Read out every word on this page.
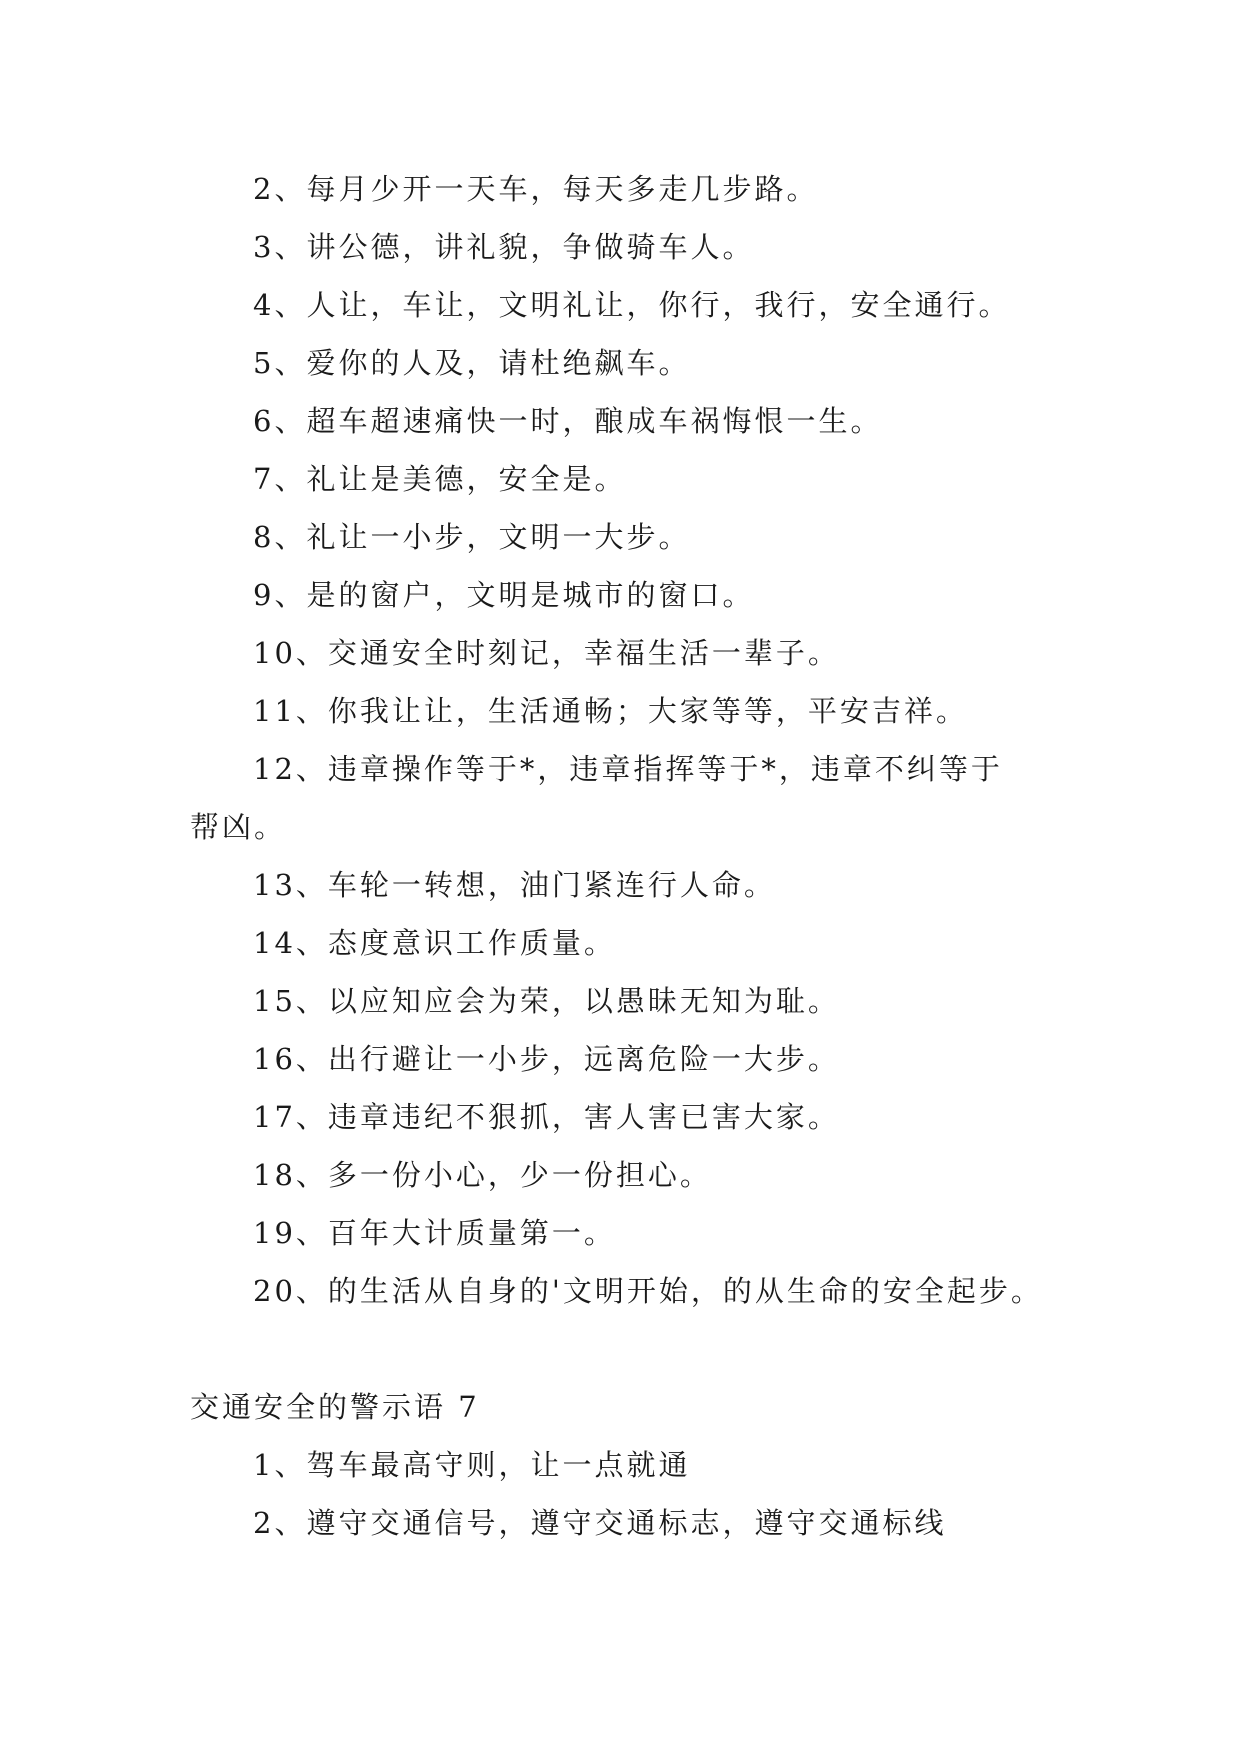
2、每月少开一天车，每天多走几步路。
3、讲公德，讲礼貌，争做骑车人。
4、人让，车让，文明礼让，你行，我行，安全通行。
5、爱你的人及，请杜绝飙车。
6、超车超速痛快一时，酿成车祸悔恨一生。
7、礼让是美德，安全是。
8、礼让一小步，文明一大步。
9、是的窗户，文明是城市的窗口。
10、交通安全时刻记，幸福生活一辈子。
11、你我让让，生活通畅；大家等等，平安吉祥。
12、违章操作等于*，违章指挥等于*，违章不纠等于
帮凶。
13、车轮一转想，油门紧连行人命。
14、态度意识工作质量。
15、以应知应会为荣，以愚昧无知为耻。
16、出行避让一小步，远离危险一大步。
17、违章违纪不狠抓，害人害已害大家。
18、多一份小心，少一份担心。
19、百年大计质量第一。
20、的生活从自身的'文明开始，的从生命的安全起步。
交通安全的警示语 7
1、驾车最高守则，让一点就通
2、遵守交通信号，遵守交通标志，遵守交通标线
